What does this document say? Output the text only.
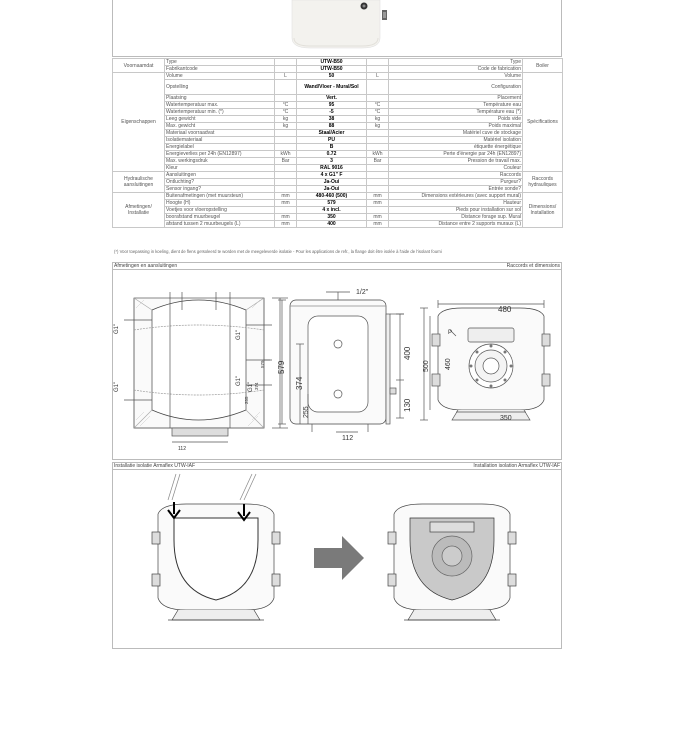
Voornaamdat	Type		UTW-B50		Type	Boiler
	Fabrikantcode		UTW-B50		Code de fabrication	
Eigenschappen	Volume	L	50	L	Volume	Spécifications
	Opstelling		Wand/Vloer - Mural/Sol		Configuration	
	Plaatsing		Vert.		Placement	
	Watertemperatuur max.	°C	95	°C	Température eau	
	Watertemperatuur min. (*)	°C	-5	°C	Température eau (*)	
	Leeg gewicht	kg	38	kg	Poids vide	
	Max. gewicht	kg	88	kg	Poids maximal	
	Materiaal voorraadvat		Staal/Acier		Matériel cuve de stockage	
	Isolatiemateriaal		PU		Matériel isolation	
	Energielabel		B		étiquette énergétique	
	Energieverlies per 24h (EN12897)	kWh	0.72	kWh	Perte d'énergie par 24h (EN12897)	
	Max. werkingsdruk	Bar	3	Bar	Pression de travail max.	
	Kleur		RAL 9016		Couleur	
Hydraulische aansluitingen	Aansluitingen		4 x G1" F		Raccords	Raccords hydrauliques
	Ontluchting?		Ja-Oui		Purgeur?	
	Sensor ingang?		Ja-Oui		Entrée sonde?	
Afmetingen/ Installatie	Buitenafmetingen (met muursteun)	mm	480-460 (500)	mm	Dimensions extérieures (avec support mural)	Dimensions/ Installation
	Hoogte (H)	mm	579	mm	Hauteur	
	Voetjes voor vloeropstelling		4 x incl.		Pieds pour installation sur sol	
	boorafstand muurbeugel	mm	350	mm	Distance forage sup. Mural	
	afstand tussen 2 muurbeugels (L)	mm	400	mm	Distance entre 2 supports muraux (L)	
(*) Voor toepassing in koeling, dient de flens geïsoleerd te worden met de meegeleverde isolatie - Pour les applications de refr., la flange doit être isolée à l'aide de l'isolant fourni
Afmetingen en aansluitingen	Raccords et dimensions
G1"
G1"
G1"
G1"
G1"
579
374
255
112
1/2"
579
374
255
112
400
130
480
500 460
350
P
Installatie isolatie Armaflex UTW-IAF	Installation isolation Armaflex UTW-IAF
